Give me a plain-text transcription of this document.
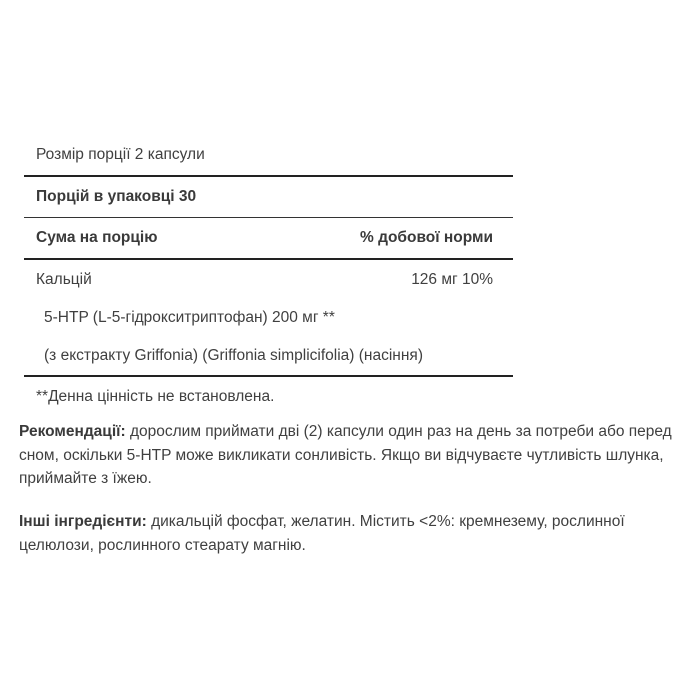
Розмір порції 2 капсули
Порцій в упаковці 30
Сума на порцію	% добової норми
Кальцій	126 мг 10%
5-HTP (L-5-гідрокситриптофан) 200 мг **
(з екстракту Griffonia) (Griffonia simplicifolia) (насіння)
**Денна цінність не встановлена.
Рекомендації: дорослим приймати дві (2) капсули один раз на день за потреби або перед сном, оскільки 5-HTP може викликати сонливість. Якщо ви відчуваєте чутливість шлунка, приймайте з їжею.
Інші інгредієнти: дикальцій фосфат, желатин. Містить <2%: кремнезему, рослинної целюлози, рослинного стеарату магнію.
